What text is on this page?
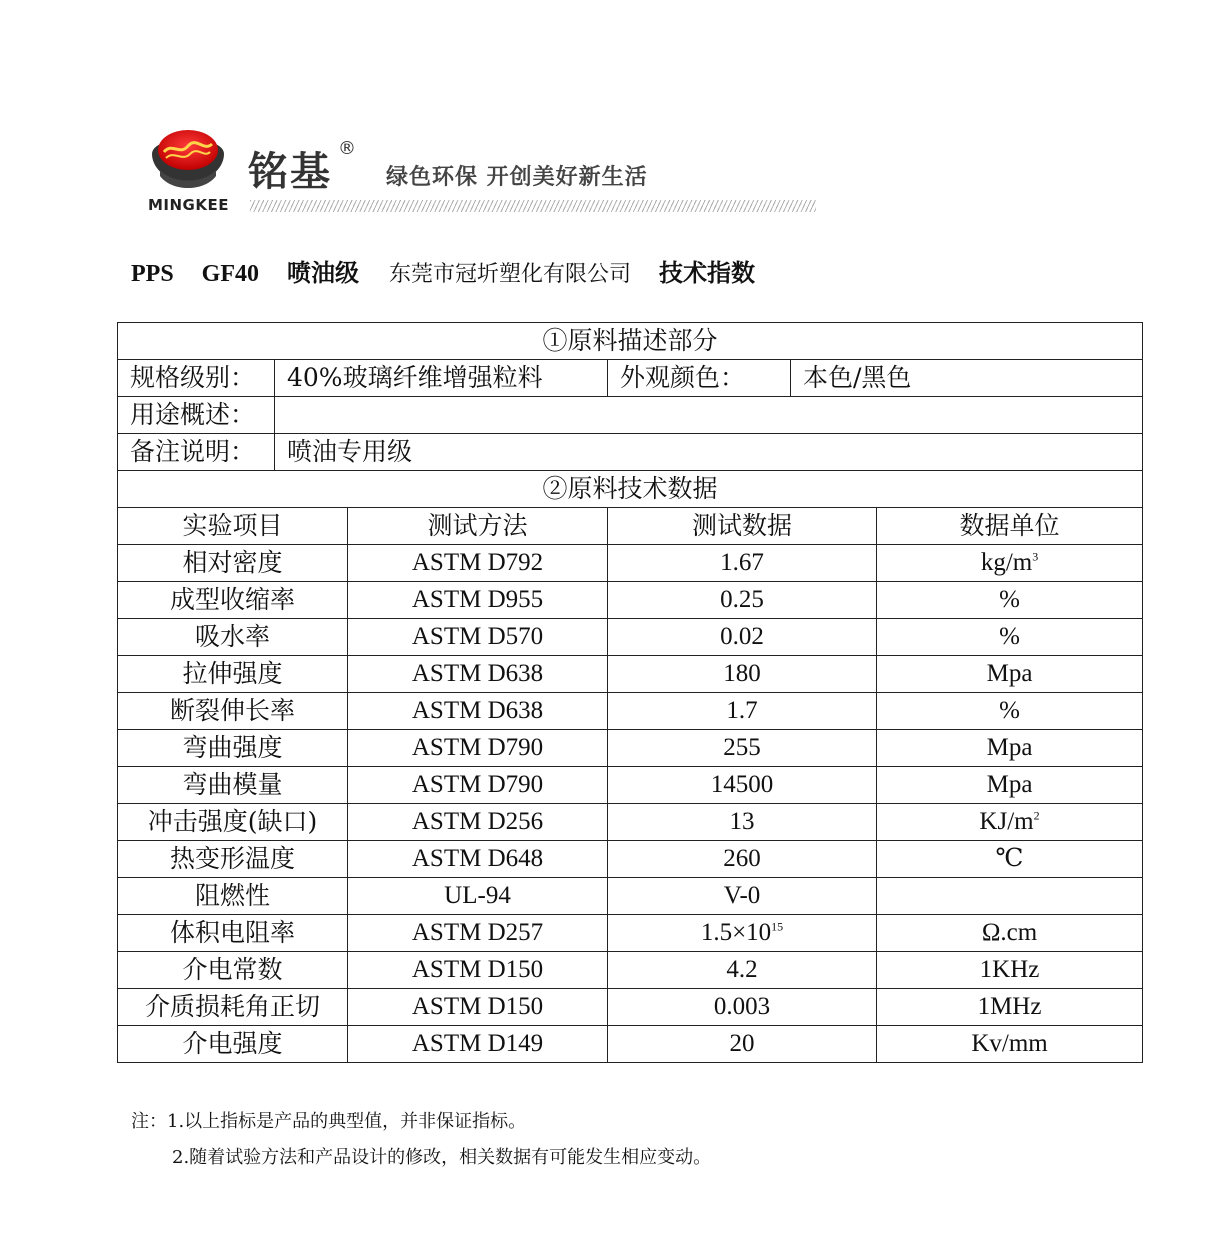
MINGKEE
铭基
®
绿色环保 开创美好新生活
PPS GF40 喷油级 东莞市冠圻塑化有限公司 技术指数
①原料描述部分					
规格级别：	40%玻璃纤维增强粒料		外观颜色：	本色/黑色	
用途概述：					
备注说明：	喷油专用级				
②原料技术数据					
实验项目		测试方法	测试数据		数据单位
相对密度		ASTM D792	1.67		$kg/m^3$
成型收缩率		ASTM D955	0.25		%
吸水率		ASTM D570	0.02		%
拉伸强度		ASTM D638	180		Mpa
断裂伸长率		ASTM D638	1.7		%
弯曲强度		ASTM D790	255		Mpa
弯曲模量		ASTM D790	14500		Mpa
冲击强度(缺口)		ASTM D256	13		$KJ/m^2$
热变形温度		ASTM D648	260		℃
阻燃性		UL-94	V-0		
体积电阻率		ASTM D257	$1.5\times 10^{15}$		Ω.cm
介电常数		ASTM D150	4.2		1KHz
介质损耗角正切		ASTM D150	0.003		1MHz
介电强度		ASTM D149	20		Kv/mm
注：1.以上指标是产品的典型值，并非保证指标。
2.随着试验方法和产品设计的修改，相关数据有可能发生相应变动。
